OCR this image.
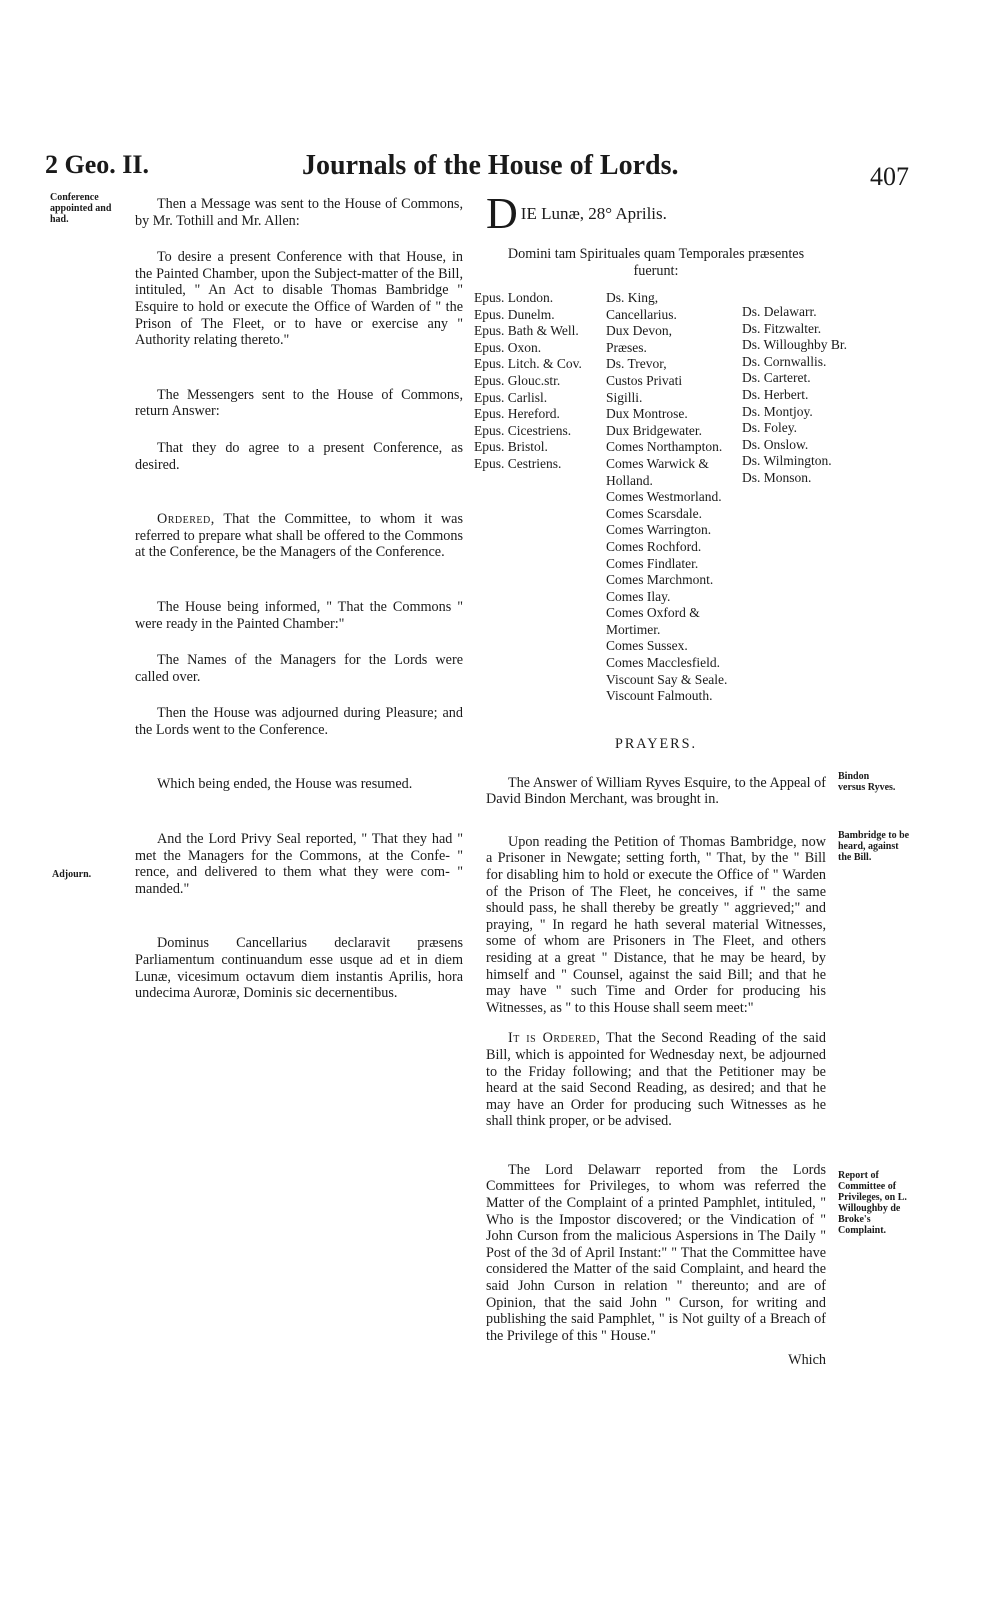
2 Geo. II.	Journals of the House of Lords.	407
Conference appointed and had.
Adjourn.
Bindon versus Ryves.
Bambridge to be heard, against the Bill.
Report of Committee of Privileges, on L. Willoughby de Broke's Complaint.

Then a Message was sent to the House of Commons, by Mr. Tothill and Mr. Allen:

To desire a present Conference with that House, in the Painted Chamber, upon the Subject-matter of the Bill, intituled, " An Act to disable Thomas Bambridge " Esquire to hold or execute the Office of Warden of " the Prison of The Fleet, or to have or exercise any " Authority relating thereto."

The Messengers sent to the House of Commons, return Answer:

That they do agree to a present Conference, as desired.

Ordered, That the Committee, to whom it was referred to prepare what shall be offered to the Commons at the Conference, be the Managers of the Conference.

The House being informed, " That the Commons " were ready in the Painted Chamber:"

The Names of the Managers for the Lords were called over.

Then the House was adjourned during Pleasure; and the Lords went to the Conference.

Which being ended, the House was resumed.

And the Lord Privy Seal reported, " That they had " met the Managers for the Commons, at the Confe- " rence, and delivered to them what they were com- " manded."

Dominus Cancellarius declaravit præsens Parliamentum continuandum esse usque ad et in diem Lunæ, vicesimum octavum diem instantis Aprilis, hora undecima Auroræ, Dominis sic decernentibus.

DIE Lunæ, 28° Aprilis.

Domini tam Spirituales quam Temporales præsentes fuerunt:

Epus. London.
Epus. Dunelm.
Epus. Bath & Well.
Epus. Oxon.
Epus. Litch. & Cov.
Epus. Glouc.str.
Epus. Carlisl.
Epus. Hereford.
Epus. Cicestriens.
Epus. Bristol.
Epus. Cestriens.
Ds. King,
Cancellarius.
Dux Devon,
Præses.
Ds. Trevor,
Custos Privati
Sigilli.
Dux Montrose.
Dux Bridgewater.
Comes Northampton.
Comes Warwick &
Holland.
Comes Westmorland.
Comes Scarsdale.
Comes Warrington.
Comes Rochford.
Comes Findlater.
Comes Marchmont.
Comes Ilay.
Comes Oxford &
Mortimer.
Comes Sussex.
Comes Macclesfield.
Viscount Say & Seale.
Viscount Falmouth.
Ds. Delawarr.
Ds. Fitzwalter.
Ds. Willoughby Br.
Ds. Cornwallis.
Ds. Carteret.
Ds. Herbert.
Ds. Montjoy.
Ds. Foley.
Ds. Onslow.
Ds. Wilmington.
Ds. Monson.

PRAYERS.

The Answer of William Ryves Esquire, to the Appeal of David Bindon Merchant, was brought in.

Upon reading the Petition of Thomas Bambridge, now a Prisoner in Newgate; setting forth, " That, by the " Bill for disabling him to hold or execute the Office of " Warden of the Prison of The Fleet, he conceives, if " the same should pass, he shall thereby be greatly " aggrieved;" and praying, " In regard he hath several material Witnesses, some of whom are Prisoners in The Fleet, and others residing at a great " Distance, that he may be heard, by himself and " Counsel, against the said Bill; and that he may have " such Time and Order for producing his Witnesses, as " to this House shall seem meet:"

It is Ordered, That the Second Reading of the said Bill, which is appointed for Wednesday next, be adjourned to the Friday following; and that the Petitioner may be heard at the said Second Reading, as desired; and that he may have an Order for producing such Witnesses as he shall think proper, or be advised.

The Lord Delawarr reported from the Lords Committees for Privileges, to whom was referred the Matter of the Complaint of a printed Pamphlet, intituled, " Who is the Impostor discovered; or the Vindication of " John Curson from the malicious Aspersions in The Daily " Post of the 3d of April Instant:" " That the Committee have considered the Matter of the said Complaint, and heard the said John Curson in relation " thereunto; and are of Opinion, that the said John " Curson, for writing and publishing the said Pamphlet, " is Not guilty of a Breach of the Privilege of this " House."

Which
